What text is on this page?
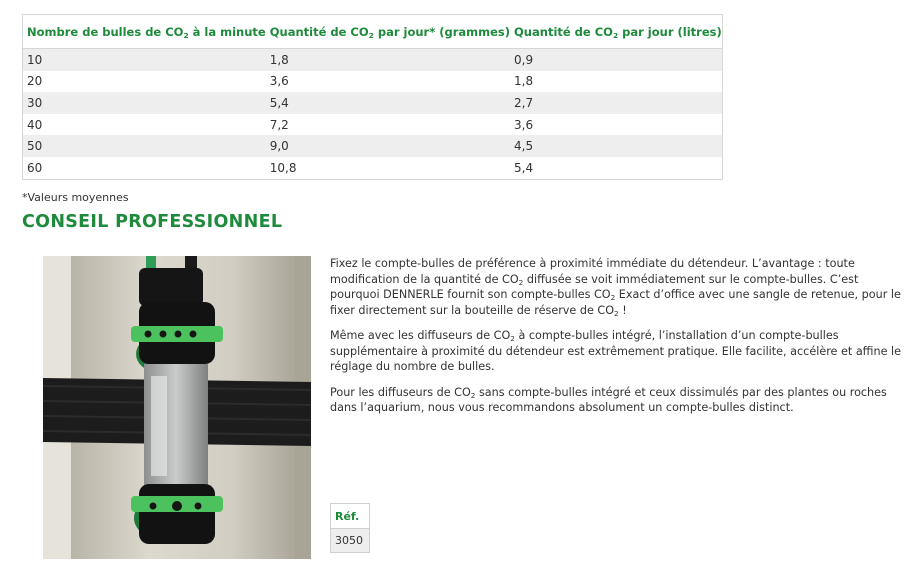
Nombre de bulles de $CO_2$ à la minute	Quantité de $CO_2$ par jour* (grammes)	Quantité de $CO_2$ par jour (litres)
10	1,8	0,9
20	3,6	1,8
30	5,4	2,7
40	7,2	3,6
50	9,0	4,5
60	10,8	5,4
*Valeurs moyennes
CONSEIL PROFESSIONNEL

Fixez le compte-bulles de préférence à proximité immédiate du détendeur. L’avantage : toute modification de la quantité de $CO_2$ diffusée se voit immédiatement sur le compte-bulles. C’est pourquoi DENNERLE fournit son compte-bulles $CO_2$ Exact d’office avec une sangle de retenue, pour le fixer directement sur la bouteille de réserve de $CO_2$ !

Même avec les diffuseurs de $CO_2$ à compte-bulles intégré, l’installation d’un compte-bulles supplémentaire à proximité du détendeur est extrêmement pratique. Elle facilite, accélère et affine le réglage du nombre de bulles.

Pour les diffuseurs de $CO_2$ sans compte-bulles intégré et ceux dissimulés par des plantes ou roches dans l’aquarium, nous vous recommandons absolument un compte-bulles distinct.

Réf.
3050
